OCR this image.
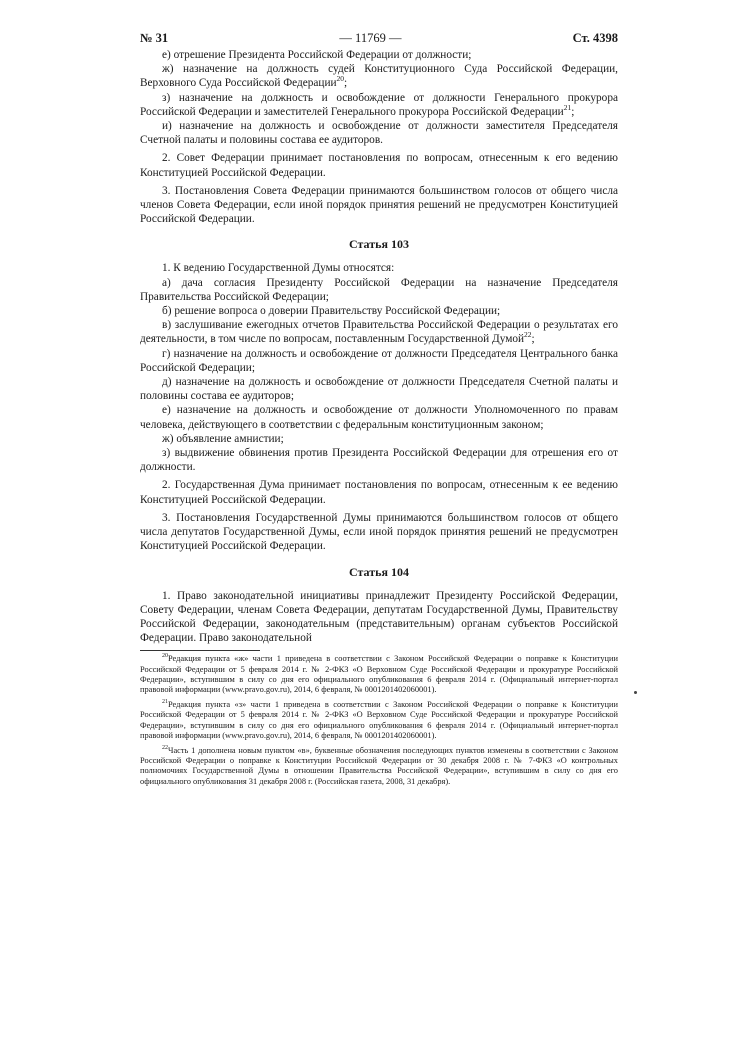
№ 31	— 11769 —	Ст. 4398

е) отрешение Президента Российской Федерации от должности;

ж) назначение на должность судей Конституционного Суда Российской Федерации, Верховного Суда Российской Федерации$^{20}$;

з) назначение на должность и освобождение от должности Генерального прокурора Российской Федерации и заместителей Генерального прокурора Российской Федерации$^{21}$;

и) назначение на должность и освобождение от должности заместителя Председателя Счетной палаты и половины состава ее аудиторов.

2. Совет Федерации принимает постановления по вопросам, отнесенным к его ведению Конституцией Российской Федерации.

3. Постановления Совета Федерации принимаются большинством голосов от общего числа членов Совета Федерации, если иной порядок принятия решений не предусмотрен Конституцией Российской Федерации.

Статья 103

1. К ведению Государственной Думы относятся:

а) дача согласия Президенту Российской Федерации на назначение Председателя Правительства Российской Федерации;

б) решение вопроса о доверии Правительству Российской Федерации;

в) заслушивание ежегодных отчетов Правительства Российской Федерации о результатах его деятельности, в том числе по вопросам, поставленным Государственной Думой$^{22}$;

г) назначение на должность и освобождение от должности Председателя Центрального банка Российской Федерации;

д) назначение на должность и освобождение от должности Председателя Счетной палаты и половины состава ее аудиторов;

е) назначение на должность и освобождение от должности Уполномоченного по правам человека, действующего в соответствии с федеральным конституционным законом;

ж) объявление амнистии;

з) выдвижение обвинения против Президента Российской Федерации для отрешения его от должности.

2. Государственная Дума принимает постановления по вопросам, отнесенным к ее ведению Конституцией Российской Федерации.

3. Постановления Государственной Думы принимаются большинством голосов от общего числа депутатов Государственной Думы, если иной порядок принятия решений не предусмотрен Конституцией Российской Федерации.

Статья 104

1. Право законодательной инициативы принадлежит Президенту Российской Федерации, Совету Федерации, членам Совета Федерации, депутатам Государственной Думы, Правительству Российской Федерации, законодательным (представительным) органам субъектов Российской Федерации. Право законодательной

$^{20}$Редакция пункта «ж» части 1 приведена в соответствии с Законом Российской Федерации о поправке к Конституции Российской Федерации от 5 февраля 2014 г. № 2-ФКЗ «О Верховном Суде Российской Федерации и прокуратуре Российской Федерации», вступившим в силу со дня его официального опубликования 6 февраля 2014 г. (Официальный интернет-портал правовой информации (www.pravo.gov.ru), 2014, 6 февраля, № 0001201402060001).

$^{21}$Редакция пункта «з» части 1 приведена в соответствии с Законом Российской Федерации о поправке к Конституции Российской Федерации от 5 февраля 2014 г. № 2-ФКЗ «О Верховном Суде Российской Федерации и прокуратуре Российской Федерации», вступившим в силу со дня его официального опубликования 6 февраля 2014 г. (Официальный интернет-портал правовой информации (www.pravo.gov.ru), 2014, 6 февраля, № 0001201402060001).

$^{22}$Часть 1 дополнена новым пунктом «в», буквенные обозначения последующих пунктов изменены в соответствии с Законом Российской Федерации о поправке к Конституции Российской Федерации от 30 декабря 2008 г. № 7-ФКЗ «О контрольных полномочиях Государственной Думы в отношении Правительства Российской Федерации», вступившим в силу со дня его официального опубликования 31 декабря 2008 г. (Российская газета, 2008, 31 декабря).
